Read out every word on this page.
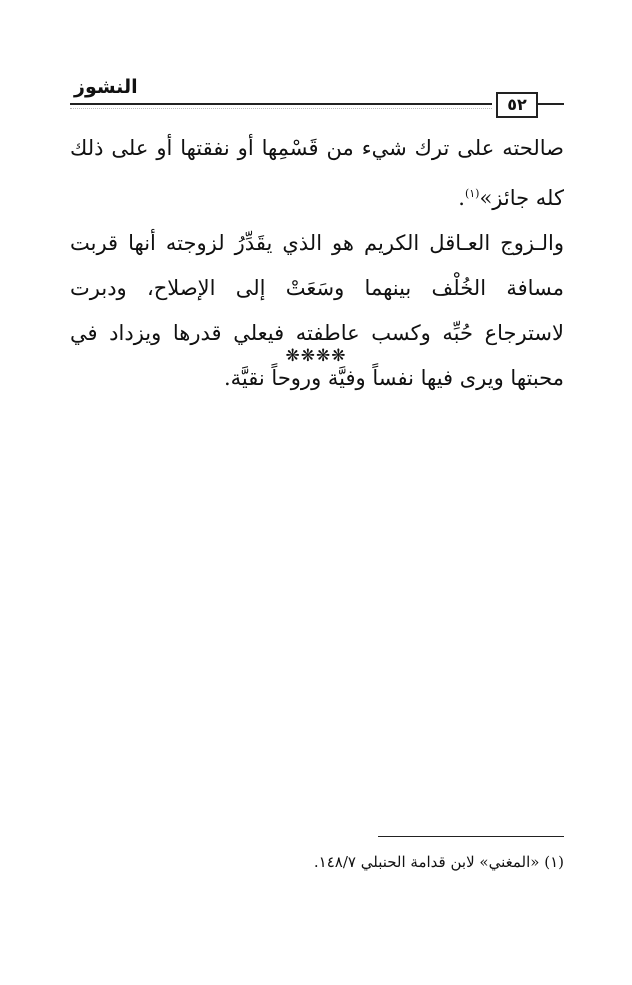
النشوز
٥٢

صالحته على ترك شيء من قَسْمِها أو نفقتها أو على ذلك كله جائز»$^{(١)}$.

والـزوج العـاقل الكريم هو الذي يقَدِّرُ لزوجته أنها قربت مسافة الخُلْف بينهما وسَعَتْ إلى الإصلاح، ودبرت لاسترجاع حُبِّه وكسب عاطفته فيعلي قدرها ويزداد في محبتها ويرى فيها نفساً وفيَّة وروحاً نقيَّة.

❋❋❋❋
(١) «المغني» لابن قدامة الحنبلي ١٤٨/٧.
